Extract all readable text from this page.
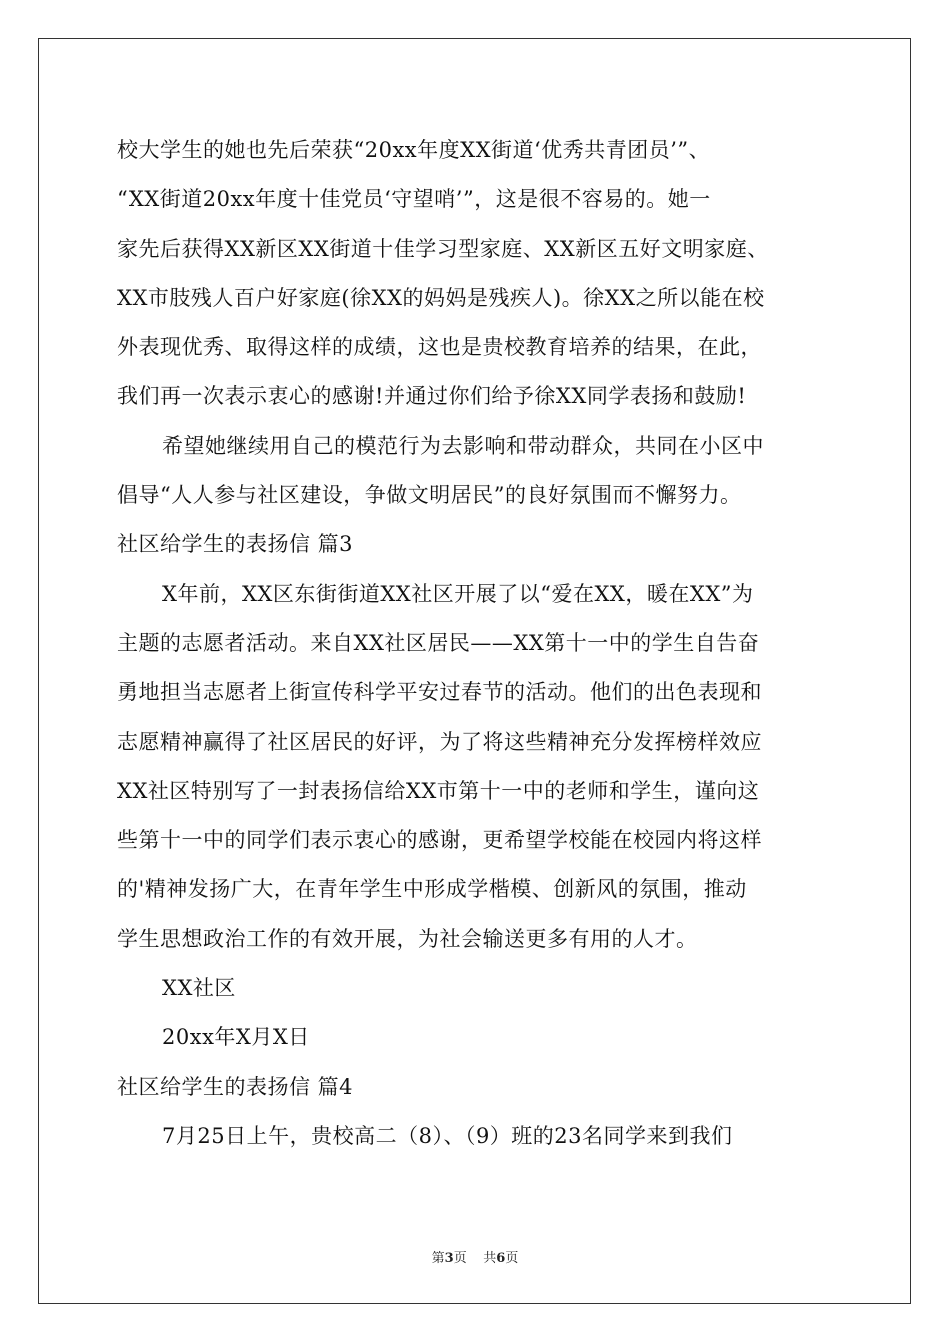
校大学生的她也先后荣获“20xx年度XX街道‘优秀共青团员’”、
“XX街道20xx年度十佳党员‘守望哨’”，这是很不容易的。她一
家先后获得XX新区XX街道十佳学习型家庭、XX新区五好文明家庭、
XX市肢残人百户好家庭(徐XX的妈妈是残疾人)。徐XX之所以能在校
外表现优秀、取得这样的成绩，这也是贵校教育培养的结果，在此，
我们再一次表示衷心的感谢!并通过你们给予徐XX同学表扬和鼓励!
希望她继续用自己的模范行为去影响和带动群众，共同在小区中
倡导“人人参与社区建设，争做文明居民”的良好氛围而不懈努力。
社区给学生的表扬信 篇3
X年前，XX区东街街道XX社区开展了以“爱在XX，暖在XX”为
主题的志愿者活动。来自XX社区居民——XX第十一中的学生自告奋
勇地担当志愿者上街宣传科学平安过春节的活动。他们的出色表现和
志愿精神赢得了社区居民的好评，为了将这些精神充分发挥榜样效应
XX社区特别写了一封表扬信给XX市第十一中的老师和学生，谨向这
些第十一中的同学们表示衷心的感谢，更希望学校能在校园内将这样
的'精神发扬广大，在青年学生中形成学楷模、创新风的氛围，推动
学生思想政治工作的有效开展，为社会输送更多有用的人才。
XX社区
20xx年X月X日
社区给学生的表扬信 篇4
7月25日上午，贵校高二（8）、（9）班的23名同学来到我们
第3页 共6页
